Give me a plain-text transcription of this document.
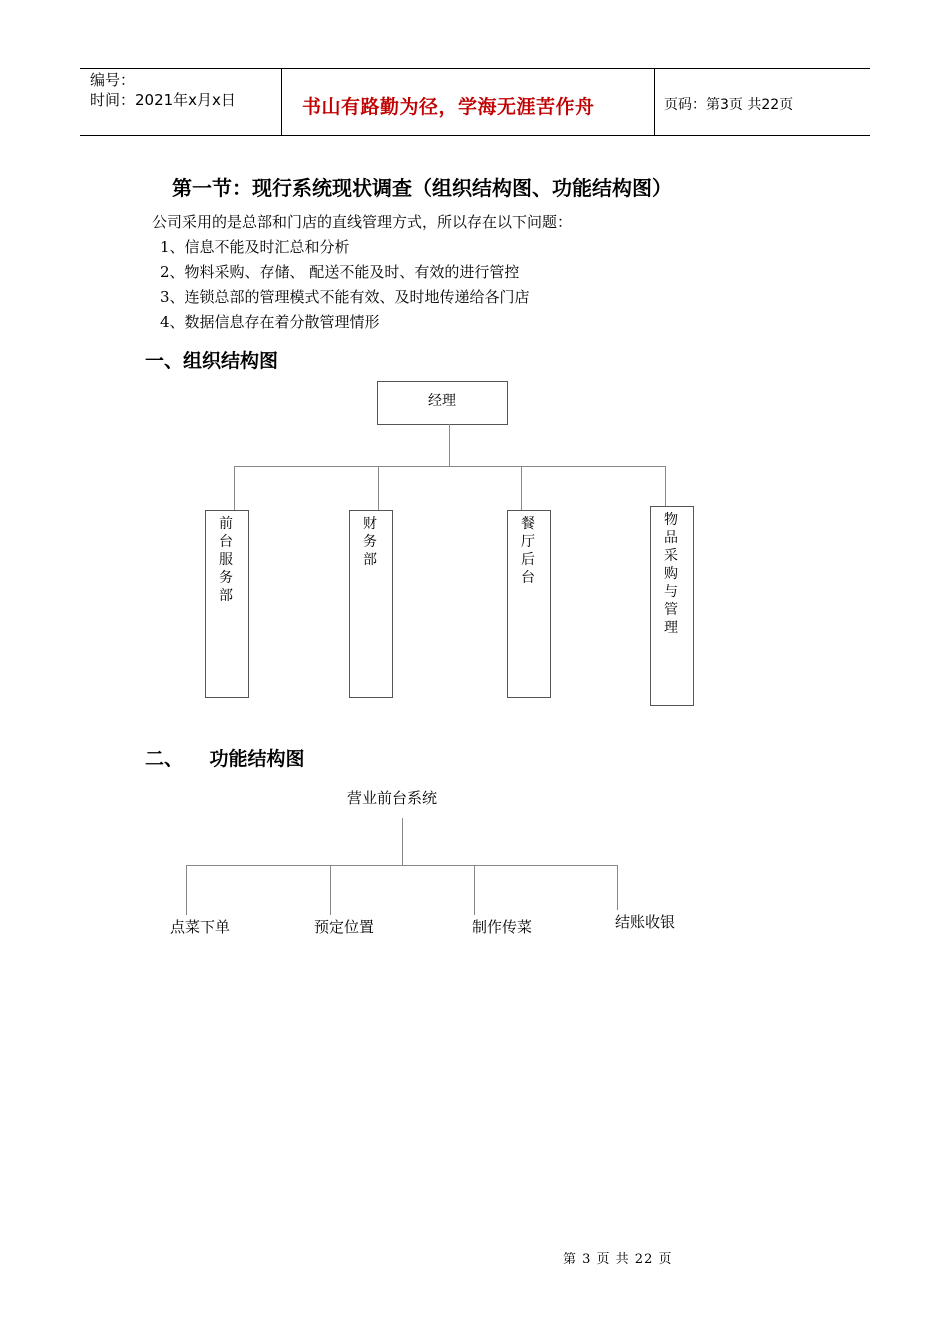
编号：
时间：2021年x月x日	书山有路勤为径，学海无涯苦作舟	页码：第3页 共22页
第一节：现行系统现状调查（组织结构图、功能结构图）
公司采用的是总部和门店的直线管理方式，所以存在以下问题：
1、信息不能及时汇总和分析
2、物料采购、存储、 配送不能及时、有效的进行管控
3、连锁总部的管理模式不能有效、及时地传递给各门店
4、数据信息存在着分散管理情形
一、组织结构图
经理
前台服务部
财务部
餐厅后台
物品采购与管理
二、    功能结构图
营业前台系统
点菜下单	预定位置	制作传菜	结账收银
第 3 页 共 22 页
